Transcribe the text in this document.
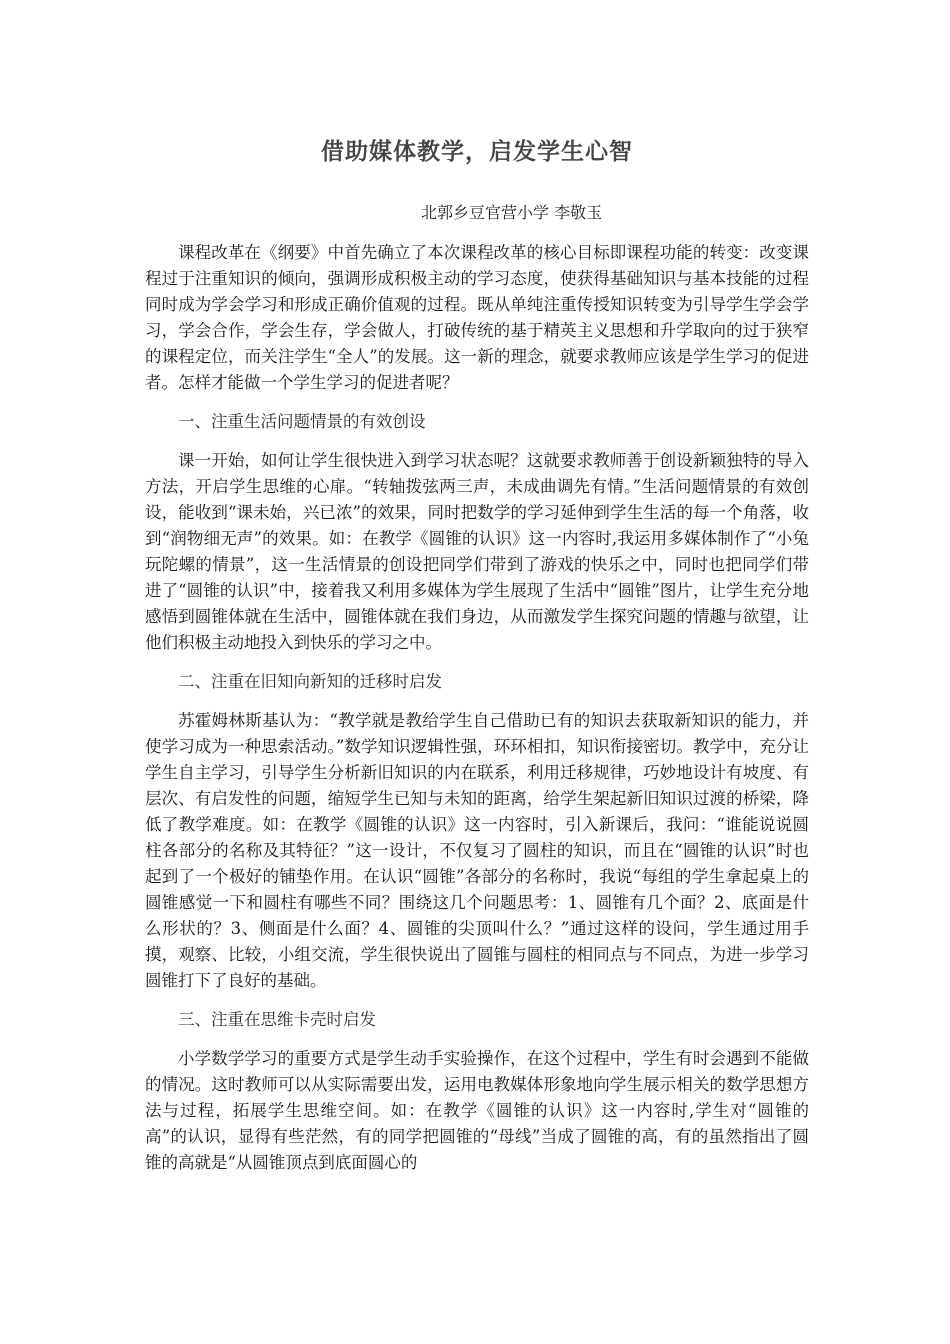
借助媒体教学，启发学生心智
北郭乡豆官营小学 李敬玉

课程改革在《纲要》中首先确立了本次课程改革的核心目标即课程功能的转变：改变课程过于注重知识的倾向，强调形成积极主动的学习态度，使获得基础知识与基本技能的过程同时成为学会学习和形成正确价值观的过程。既从单纯注重传授知识转变为引导学生学会学习，学会合作，学会生存，学会做人，打破传统的基于精英主义思想和升学取向的过于狭窄的课程定位，而关注学生“全人”的发展。这一新的理念，就要求教师应该是学生学习的促进者。怎样才能做一个学生学习的促进者呢？

一、注重生活问题情景的有效创设

课一开始，如何让学生很快进入到学习状态呢？这就要求教师善于创设新颖独特的导入方法，开启学生思维的心扉。“转轴拨弦两三声，未成曲调先有情。”生活问题情景的有效创设，能收到“课未始，兴已浓”的效果，同时把数学的学习延伸到学生生活的每一个角落，收到“润物细无声”的效果。如：在教学《圆锥的认识》这一内容时,我运用多媒体制作了“小兔玩陀螺的情景”，这一生活情景的创设把同学们带到了游戏的快乐之中，同时也把同学们带进了“圆锥的认识”中，接着我又利用多媒体为学生展现了生活中“圆锥”图片，让学生充分地感悟到圆锥体就在生活中，圆锥体就在我们身边，从而激发学生探究问题的情趣与欲望，让他们积极主动地投入到快乐的学习之中。

二、注重在旧知向新知的迁移时启发

苏霍姆林斯基认为：“教学就是教给学生自己借助已有的知识去获取新知识的能力，并使学习成为一种思索活动。”数学知识逻辑性强，环环相扣，知识衔接密切。教学中，充分让学生自主学习，引导学生分析新旧知识的内在联系，利用迁移规律，巧妙地设计有坡度、有层次、有启发性的问题，缩短学生已知与未知的距离，给学生架起新旧知识过渡的桥梁，降低了教学难度。如：在教学《圆锥的认识》这一内容时，引入新课后，我问：“谁能说说圆柱各部分的名称及其特征？”这一设计，不仅复习了圆柱的知识，而且在“圆锥的认识”时也起到了一个极好的铺垫作用。在认识“圆锥”各部分的名称时，我说“每组的学生拿起桌上的圆锥感觉一下和圆柱有哪些不同？围绕这几个问题思考：1、圆锥有几个面？2、底面是什么形状的？3、侧面是什么面？4、圆锥的尖顶叫什么？”通过这样的设问，学生通过用手摸，观察、比较，小组交流，学生很快说出了圆锥与圆柱的相同点与不同点，为进一步学习圆锥打下了良好的基础。

三、注重在思维卡壳时启发

小学数学学习的重要方式是学生动手实验操作，在这个过程中，学生有时会遇到不能做的情况。这时教师可以从实际需要出发，运用电教媒体形象地向学生展示相关的数学思想方法与过程，拓展学生思维空间。如：在教学《圆锥的认识》这一内容时,学生对“圆锥的高”的认识，显得有些茫然，有的同学把圆锥的“母线”当成了圆锥的高，有的虽然指出了圆锥的高就是“从圆锥顶点到底面圆心的
